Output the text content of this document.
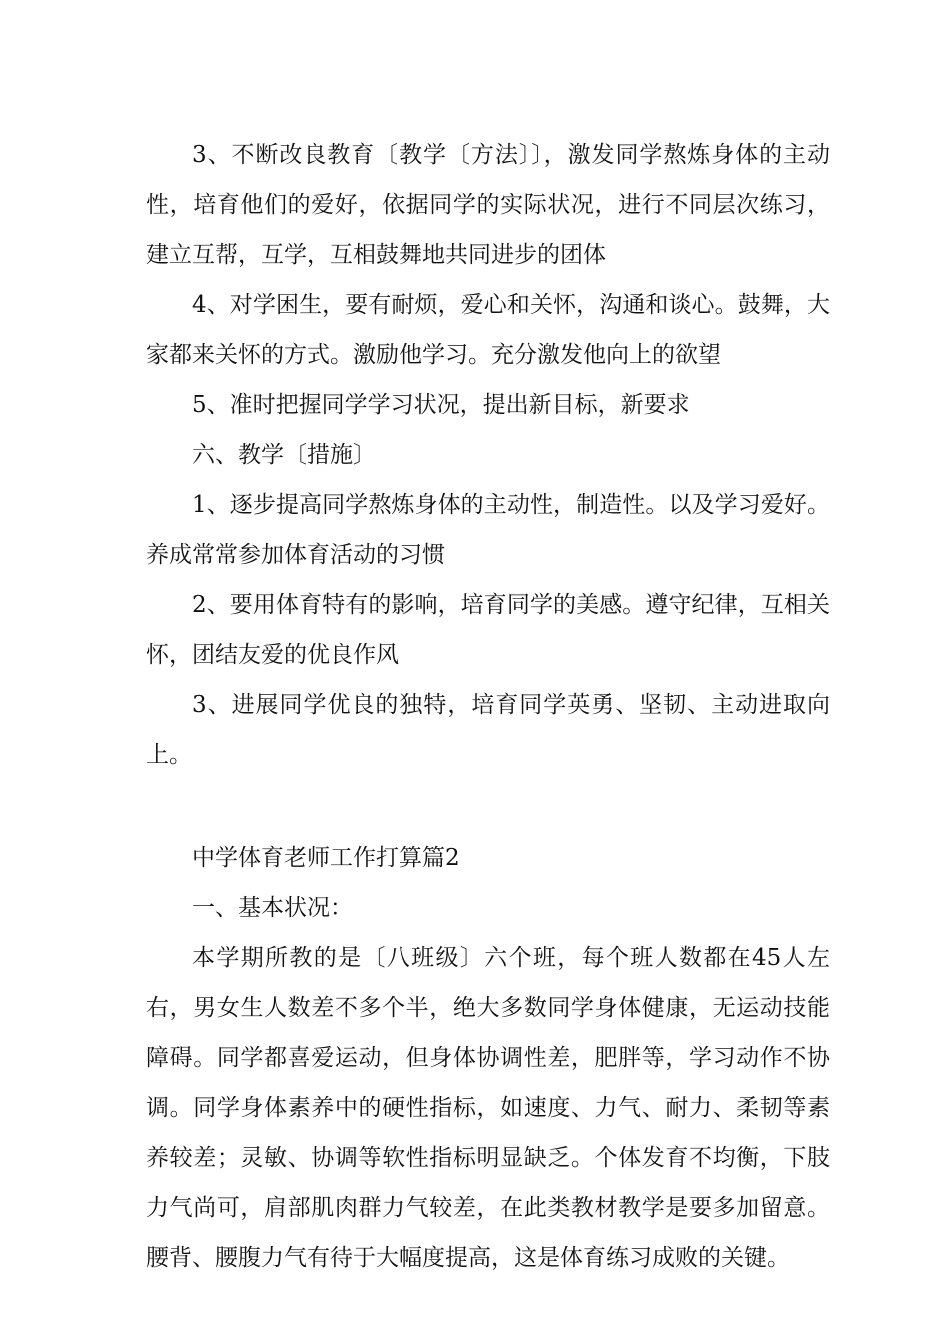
3、不断改良教育〔教学〔方法〕〕，激发同学熬炼身体的主动性，培育他们的爱好，依据同学的实际状况，进行不同层次练习，建立互帮，互学，互相鼓舞地共同进步的团体

4、对学困生，要有耐烦，爱心和关怀，沟通和谈心。鼓舞，大家都来关怀的方式。激励他学习。充分激发他向上的欲望

5、准时把握同学学习状况，提出新目标，新要求

六、教学〔措施〕

1、逐步提高同学熬炼身体的主动性，制造性。以及学习爱好。养成常常参加体育活动的习惯

2、要用体育特有的影响，培育同学的美感。遵守纪律，互相关怀，团结友爱的优良作风

3、进展同学优良的独特，培育同学英勇、坚韧、主动进取向上。

中学体育老师工作打算篇2

一、基本状况：

本学期所教的是〔八班级〕六个班，每个班人数都在45人左右，男女生人数差不多个半，绝大多数同学身体健康，无运动技能障碍。同学都喜爱运动，但身体协调性差，肥胖等，学习动作不协调。同学身体素养中的硬性指标，如速度、力气、耐力、柔韧等素养较差；灵敏、协调等软性指标明显缺乏。个体发育不均衡，下肢力气尚可，肩部肌肉群力气较差，在此类教材教学是要多加留意。腰背、腰腹力气有待于大幅度提高，这是体育练习成败的关键。
